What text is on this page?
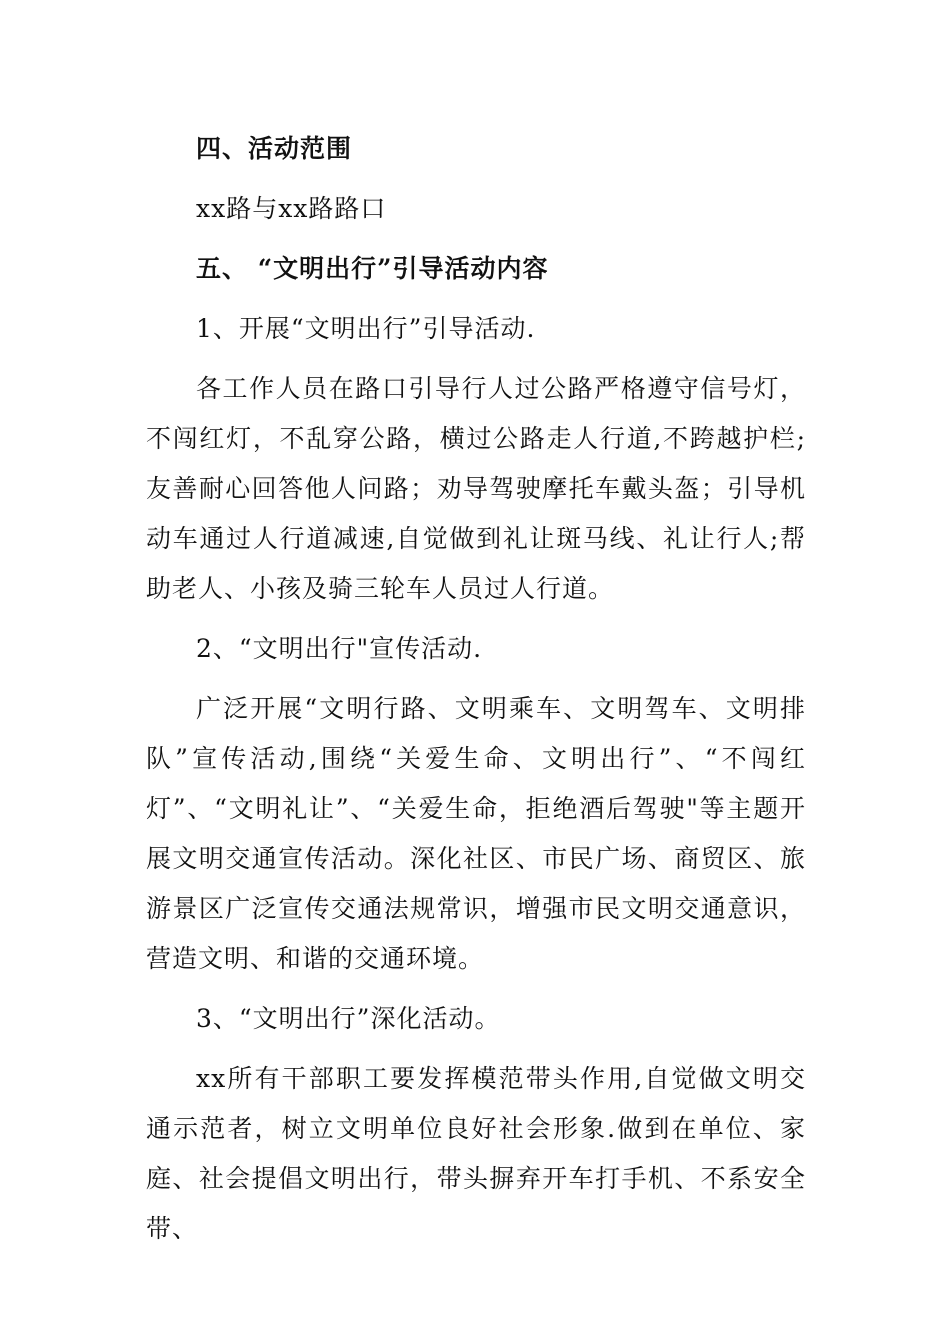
四、活动范围

xx路与xx路路口

五、 “文明出行”引导活动内容

1、开展“文明出行”引导活动.

各工作人员在路口引导行人过公路严格遵守信号灯，不闯红灯，不乱穿公路，横过公路走人行道,不跨越护栏;友善耐心回答他人问路；劝导驾驶摩托车戴头盔；引导机动车通过人行道减速,自觉做到礼让斑马线、礼让行人;帮助老人、小孩及骑三轮车人员过人行道。

2、“文明出行"宣传活动.

广泛开展“文明行路、文明乘车、文明驾车、文明排队”宣传活动,围绕“关爱生命、文明出行”、“不闯红灯”、“文明礼让”、“关爱生命，拒绝酒后驾驶"等主题开展文明交通宣传活动。深化社区、市民广场、商贸区、旅游景区广泛宣传交通法规常识，增强市民文明交通意识，营造文明、和谐的交通环境。

3、“文明出行”深化活动。

xx所有干部职工要发挥模范带头作用,自觉做文明交通示范者，树立文明单位良好社会形象.做到在单位、家庭、社会提倡文明出行，带头摒弃开车打手机、不系安全带、
